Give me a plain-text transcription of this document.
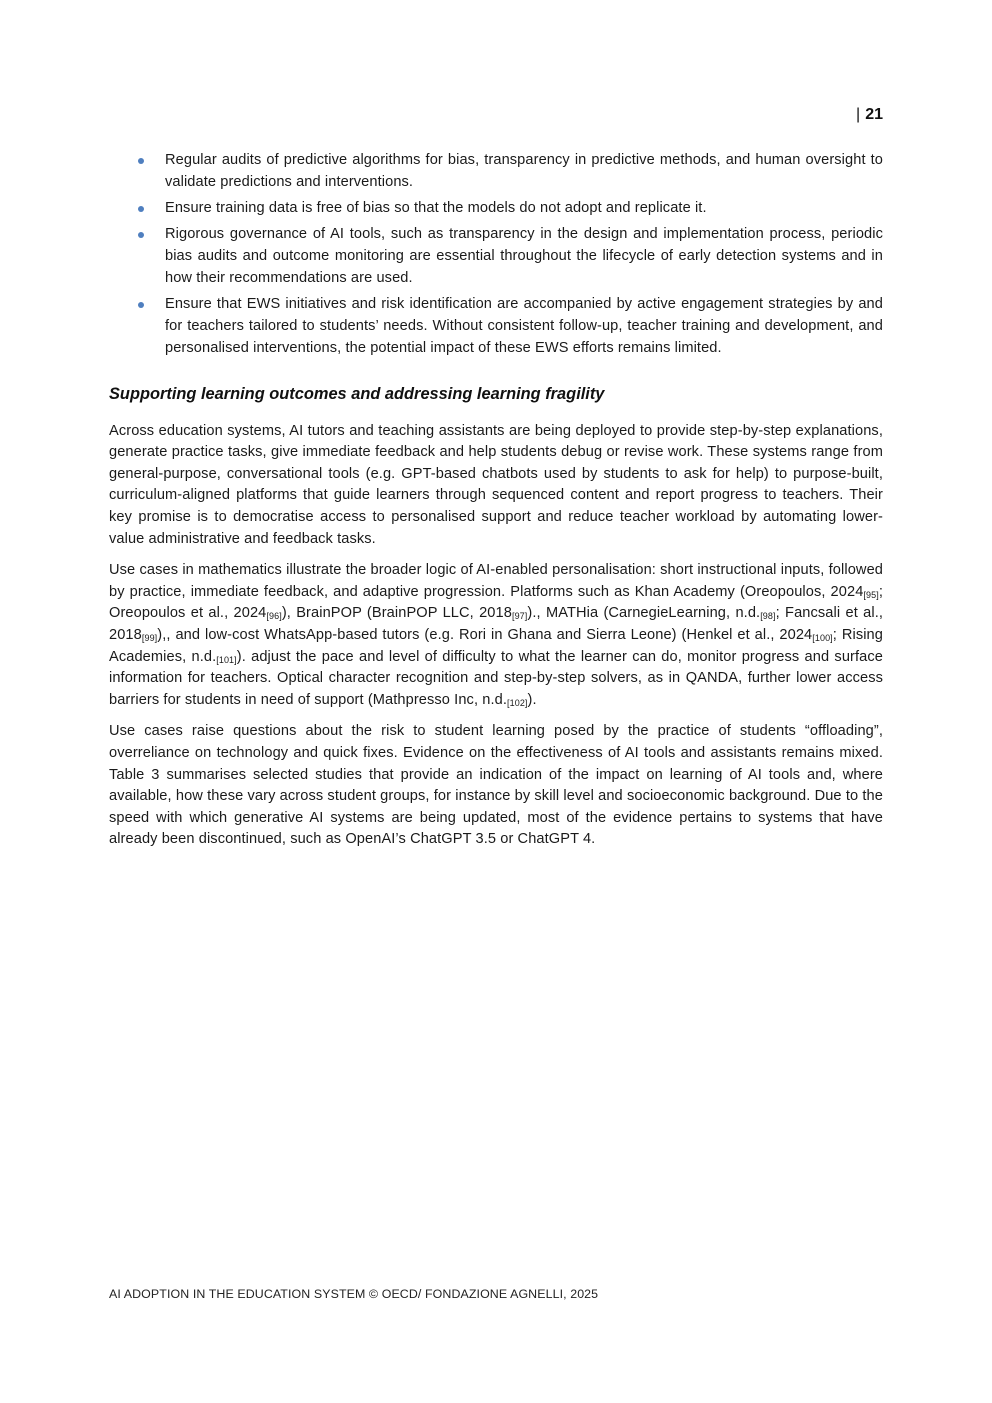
| 21
Regular audits of predictive algorithms for bias, transparency in predictive methods, and human oversight to validate predictions and interventions.
Ensure training data is free of bias so that the models do not adopt and replicate it.
Rigorous governance of AI tools, such as transparency in the design and implementation process, periodic bias audits and outcome monitoring are essential throughout the lifecycle of early detection systems and in how their recommendations are used.
Ensure that EWS initiatives and risk identification are accompanied by active engagement strategies by and for teachers tailored to students’ needs. Without consistent follow-up, teacher training and development, and personalised interventions, the potential impact of these EWS efforts remains limited.
Supporting learning outcomes and addressing learning fragility

Across education systems, AI tutors and teaching assistants are being deployed to provide step-by-step explanations, generate practice tasks, give immediate feedback and help students debug or revise work. These systems range from general-purpose, conversational tools (e.g. GPT-based chatbots used by students to ask for help) to purpose-built, curriculum-aligned platforms that guide learners through sequenced content and report progress to teachers. Their key promise is to democratise access to personalised support and reduce teacher workload by automating lower-value administrative and feedback tasks.

Use cases in mathematics illustrate the broader logic of AI-enabled personalisation: short instructional inputs, followed by practice, immediate feedback, and adaptive progression. Platforms such as Khan Academy (Oreopoulos, $2024_{[95]}$; Oreopoulos et al., $2024_{[96]}$), BrainPOP (BrainPOP LLC, $2018_{[97]}$)., MATHia (CarnegieLearning, $n.d._{[98]}$; Fancsali et al., $2018_{[99]}$),, and low-cost WhatsApp-based tutors (e.g. Rori in Ghana and Sierra Leone) (Henkel et al., $2024_{[100]}$; Rising Academies, $n.d._{[101]}$). adjust the pace and level of difficulty to what the learner can do, monitor progress and surface information for teachers. Optical character recognition and step-by-step solvers, as in QANDA, further lower access barriers for students in need of support (Mathpresso Inc, $n.d._{[102]}$).

Use cases raise questions about the risk to student learning posed by the practice of students “offloading”, overreliance on technology and quick fixes. Evidence on the effectiveness of AI tools and assistants remains mixed. Table 3 summarises selected studies that provide an indication of the impact on learning of AI tools and, where available, how these vary across student groups, for instance by skill level and socioeconomic background. Due to the speed with which generative AI systems are being updated, most of the evidence pertains to systems that have already been discontinued, such as OpenAI’s ChatGPT 3.5 or ChatGPT 4.

AI ADOPTION IN THE EDUCATION SYSTEM © OECD/ FONDAZIONE AGNELLI, 2025
